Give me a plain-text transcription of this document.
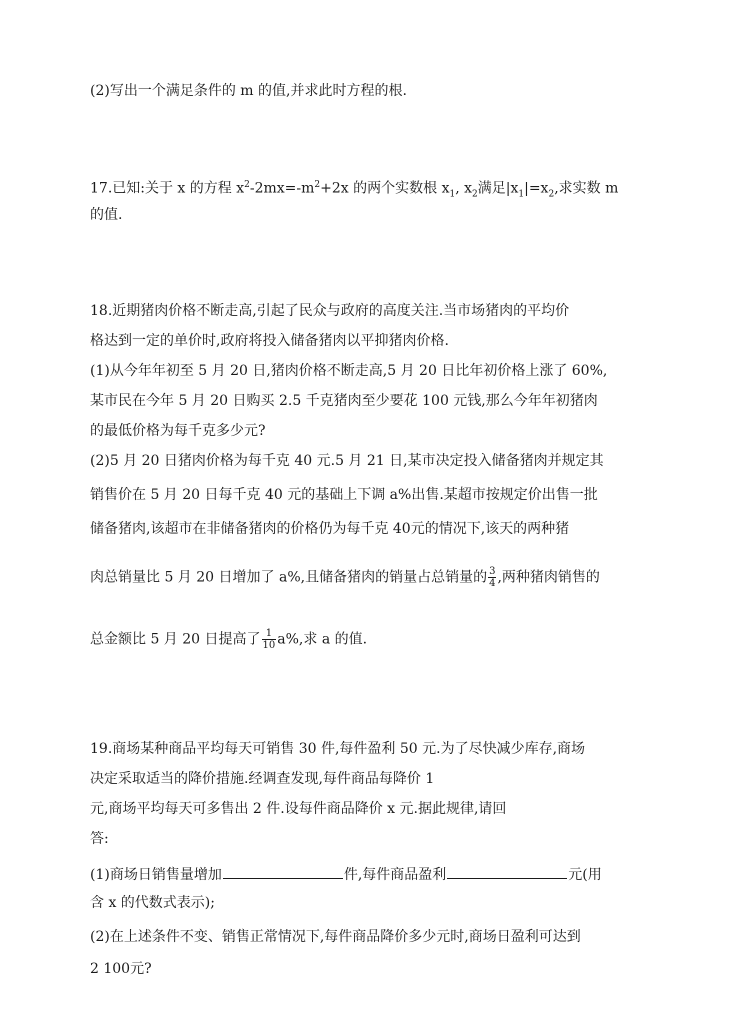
(2)写出一个满足条件的 m 的值,并求此时方程的根.
17.已知:关于 x 的方程 $x^2-2mx=-m^2+2x$ 的两个实数根 $x_1$, $x_2$满足$|x_1|=x_2$,求实数 m
的值.
18.近期猪肉价格不断走高,引起了民众与政府的高度关注.当市场猪肉的平均价
格达到一定的单价时,政府将投入储备猪肉以平抑猪肉价格.
(1)从今年年初至 5 月 20 日,猪肉价格不断走高,5 月 20 日比年初价格上涨了 60%,
某市民在今年 5 月 20 日购买 2.5 千克猪肉至少要花 100 元钱,那么今年年初猪肉
的最低价格为每千克多少元?
(2)5 月 20 日猪肉价格为每千克 40 元.5 月 21 日,某市决定投入储备猪肉并规定其
销售价在 5 月 20 日每千克 40 元的基础上下调 a%出售.某超市按规定价出售一批
储备猪肉,该超市在非储备猪肉的价格仍为每千克 40元的情况下,该天的两种猪
肉总销量比 5 月 20 日增加了 a%,且储备猪肉的销量占总销量的 $\frac{3}{4}$ ,两种猪肉销售的
总金额比 5 月 20 日提高了 $\frac{1}{10} a\%$,求 a 的值.
19.商场某种商品平均每天可销售 30 件,每件盈利 50 元.为了尽快减少库存,商场
决定采取适当的降价措施.经调查发现,每件商品每降价 1
元,商场平均每天可多售出 2 件.设每件商品降价 x 元.据此规律,请回
答:
(1)商场日销售量增加	件,每件商品盈利	元(用
含 x 的代数式表示);
(2)在上述条件不变、销售正常情况下,每件商品降价多少元时,商场日盈利可达到
2 100元?
